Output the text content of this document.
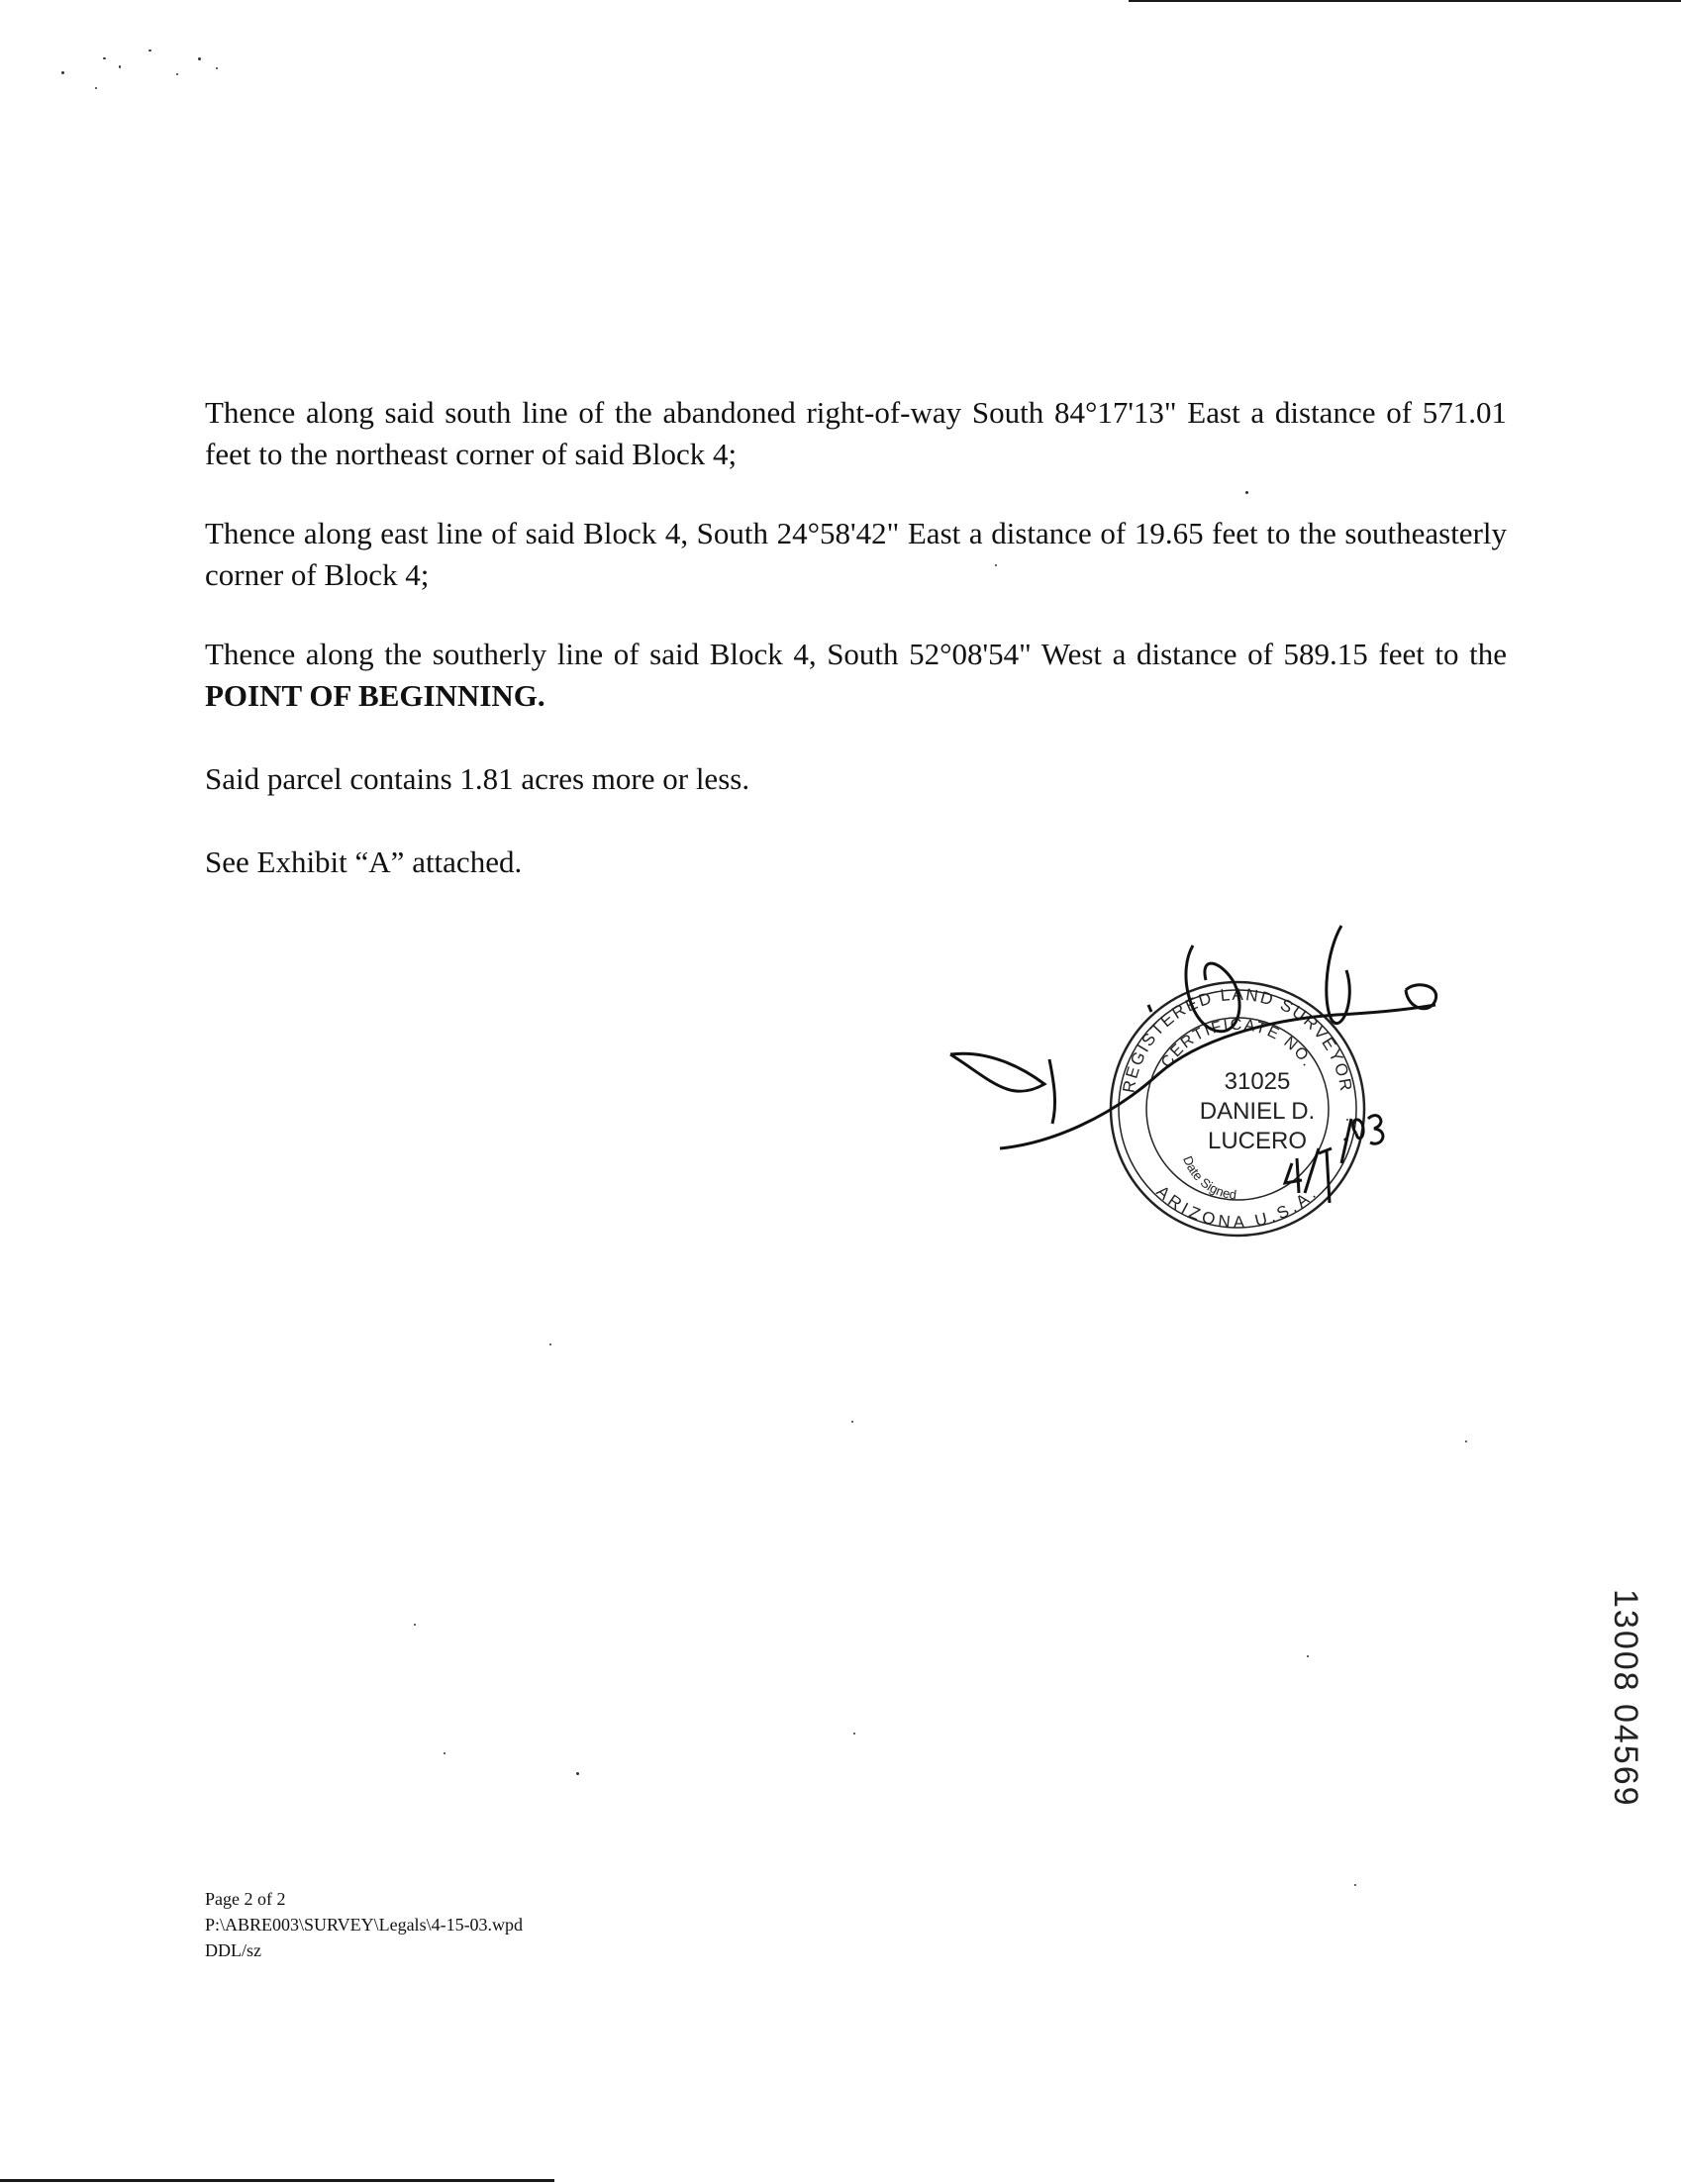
Thence along said south line of the abandoned right-of-way South 84°17'13" East a distance of 571.01 feet to the northeast corner of said Block 4;

Thence along east line of said Block 4, South 24°58'42" East a distance of 19.65 feet to the southeasterly corner of Block 4;

Thence along the southerly line of said Block 4, South 52°08'54" West a distance of 589.15 feet to the POINT OF BEGINNING.

Said parcel contains 1.81 acres more or less.

See Exhibit “A” attached.

REGISTERED LAND SURVEYOR
CERTIFICATE NO.
ARIZONA U.S.A.
Date Signed
31025
DANIEL D.
LUCERO
13008 04569
Page 2 of 2
P:\ABRE003\SURVEY\Legals\4-15-03.wpd
DDL/sz
